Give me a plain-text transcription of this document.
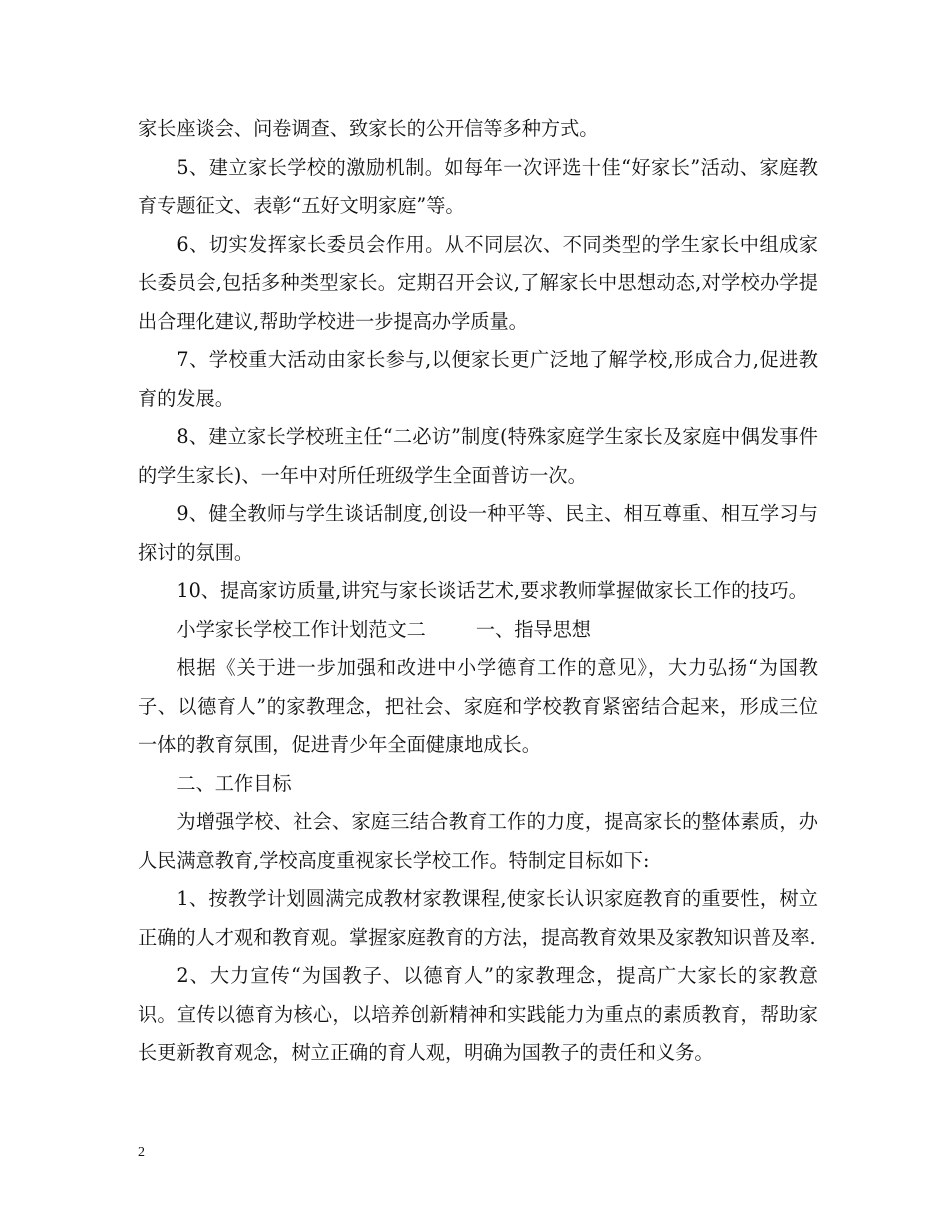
家长座谈会、问卷调查、致家长的公开信等多种方式。

5、建立家长学校的激励机制。如每年一次评选十佳“好家长”活动、家庭教育专题征文、表彰“五好文明家庭”等。

6、切实发挥家长委员会作用。从不同层次、不同类型的学生家长中组成家长委员会,包括多种类型家长。定期召开会议,了解家长中思想动态,对学校办学提出合理化建议,帮助学校进一步提高办学质量。

7、学校重大活动由家长参与,以便家长更广泛地了解学校,形成合力,促进教育的发展。

8、建立家长学校班主任“二必访”制度(特殊家庭学生家长及家庭中偶发事件的学生家长)、一年中对所任班级学生全面普访一次。

9、健全教师与学生谈话制度,创设一种平等、民主、相互尊重、相互学习与探讨的氛围。

10、提高家访质量,讲究与家长谈话艺术,要求教师掌握做家长工作的技巧。

小学家长学校工作计划范文二	一、指导思想

根据《关于进一步加强和改进中小学德育工作的意见》，大力弘扬“为国教子、以德育人”的家教理念，把社会、家庭和学校教育紧密结合起来，形成三位一体的教育氛围，促进青少年全面健康地成长。

二、工作目标

为增强学校、社会、家庭三结合教育工作的力度，提高家长的整体素质，办人民满意教育,学校高度重视家长学校工作。特制定目标如下:

1、按教学计划圆满完成教材家教课程,使家长认识家庭教育的重要性，树立正确的人才观和教育观。掌握家庭教育的方法，提高教育效果及家教知识普及率.

2、大力宣传“为国教子、以德育人”的家教理念，提高广大家长的家教意识。宣传以德育为核心，以培养创新精神和实践能力为重点的素质教育，帮助家长更新教育观念，树立正确的育人观，明确为国教子的责任和义务。

2
